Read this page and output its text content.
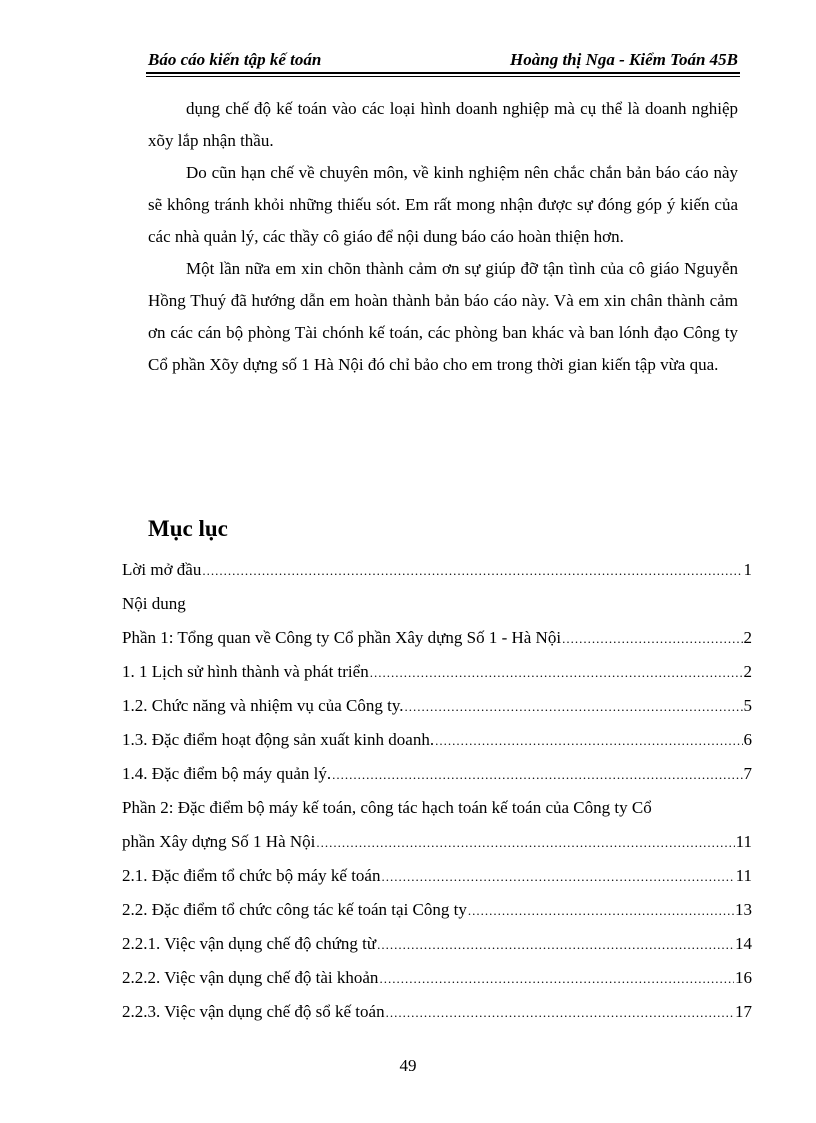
Báo cáo kiến tập kế toán	Hoàng thị Nga - Kiểm Toán 45B

dụng chế độ kế toán vào các loại hình doanh nghiệp mà cụ thể là doanh nghiệp xõy lắp nhận thầu.

Do cũn hạn chế về chuyên môn, về kinh nghiệm nên chắc chắn bản báo cáo này sẽ không tránh khỏi những thiếu sót. Em rất mong nhận được sự đóng góp ý kiến của các nhà quản lý, các thầy cô giáo để nội dung báo cáo hoàn thiện hơn.

Một lần nữa em xin chõn thành cảm ơn sự giúp đỡ tận tình của cô giáo Nguyễn Hồng Thuý đã hướng dẫn em hoàn thành bản báo cáo này. Và em xin chân thành cảm ơn các cán bộ phòng Tài chónh kế toán, các phòng ban khác và ban lónh đạo Công ty Cổ phần Xõy dựng số 1 Hà Nội đó chỉ bảo cho em trong thời gian kiến tập vừa qua.

Mục lục
Lời mở đầu .....	1
Nội dung
Phần 1: Tổng quan về Công ty Cổ phần Xây dựng Số 1 - Hà Nội .....	2
1. 1 Lịch sử hình thành và phát triển .....	2
1.2. Chức năng và nhiệm vụ của Công ty. .....	5
1.3. Đặc điểm hoạt động sản xuất kinh doanh. .....	6
1.4. Đặc điểm bộ máy quản lý. .....	7
Phần 2: Đặc điểm bộ máy kế toán, công tác hạch toán kế toán của Công ty Cổ
phần Xây dựng Số 1 Hà Nội .....	11
2.1. Đặc điểm tổ chức bộ máy kế toán .....	11
2.2. Đặc điểm tổ chức công tác kế toán tại Công ty .....	13
2.2.1. Việc vận dụng chế độ chứng từ .....	14
2.2.2. Việc vận dụng chế độ tài khoản .....	16
2.2.3. Việc vận dụng chế độ sổ kế toán .....	17
49
